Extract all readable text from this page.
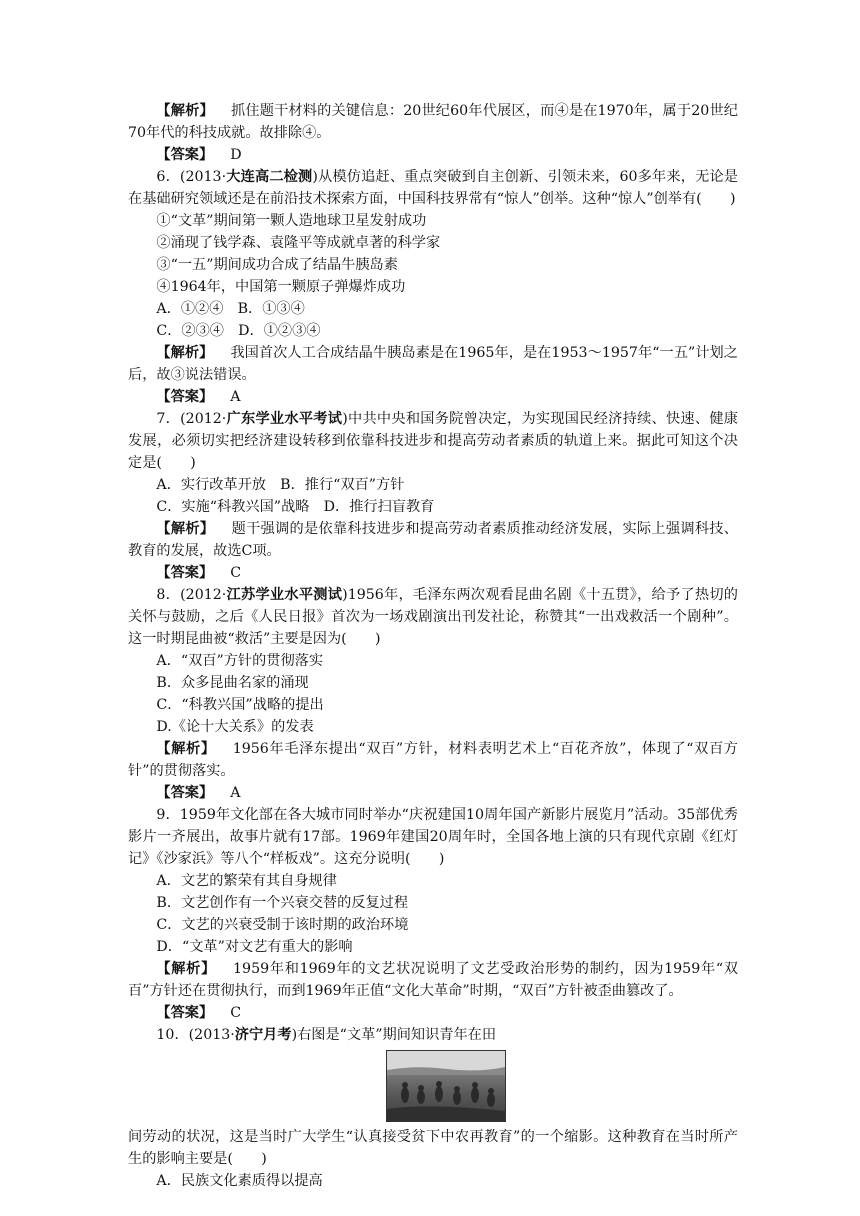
【解析】 抓住题干材料的关键信息：20世纪60年代展区，而④是在1970年，属于20世纪70年代的科技成就。故排除④。

【答案】 D

6．(2013·大连高二检测)从模仿追赶、重点突破到自主创新、引领未来，60多年来，无论是在基础研究领域还是在前沿技术探索方面，中国科技界常有“惊人”创举。这种“惊人”创举有(　　)

①“文革”期间第一颗人造地球卫星发射成功

②涌现了钱学森、袁隆平等成就卓著的科学家

③“一五”期间成功合成了结晶牛胰岛素

④1964年，中国第一颗原子弹爆炸成功

A．①②④　B．①③④

C．②③④　D．①②③④

【解析】 我国首次人工合成结晶牛胰岛素是在1965年，是在1953～1957年“一五”计划之后，故③说法错误。

【答案】 A

7．(2012·广东学业水平考试)中共中央和国务院曾决定，为实现国民经济持续、快速、健康发展，必须切实把经济建设转移到依靠科技进步和提高劳动者素质的轨道上来。据此可知这个决定是(　　)

A．实行改革开放　B．推行“双百”方针

C．实施“科教兴国”战略　D．推行扫盲教育

【解析】 题干强调的是依靠科技进步和提高劳动者素质推动经济发展，实际上强调科技、教育的发展，故选C项。

【答案】 C

8．(2012·江苏学业水平测试)1956年，毛泽东两次观看昆曲名剧《十五贯》，给予了热切的关怀与鼓励，之后《人民日报》首次为一场戏剧演出刊发社论，称赞其“一出戏救活一个剧种”。这一时期昆曲被“救活”主要是因为(　　)

A．“双百”方针的贯彻落实

B．众多昆曲名家的涌现

C．“科教兴国”战略的提出

D.《论十大关系》的发表

【解析】 1956年毛泽东提出“双百”方针，材料表明艺术上“百花齐放”，体现了“双百方针”的贯彻落实。

【答案】 A

9．1959年文化部在各大城市同时举办“庆祝建国10周年国产新影片展览月”活动。35部优秀影片一齐展出，故事片就有17部。1969年建国20周年时，全国各地上演的只有现代京剧《红灯记》《沙家浜》等八个“样板戏”。这充分说明(　　)

A．文艺的繁荣有其自身规律

B．文艺创作有一个兴衰交替的反复过程

C．文艺的兴衰受制于该时期的政治环境

D．“文革”对文艺有重大的影响

【解析】 1959年和1969年的文艺状况说明了文艺受政治形势的制约，因为1959年“双百”方针还在贯彻执行，而到1969年正值“文化大革命”时期，“双百”方针被歪曲篡改了。

【答案】 C

10．(2013·济宁月考)右图是“文革”期间知识青年在田

间劳动的状况，这是当时广大学生“认真接受贫下中农再教育”的一个缩影。这种教育在当时所产生的影响主要是(　　)

A．民族文化素质得以提高
